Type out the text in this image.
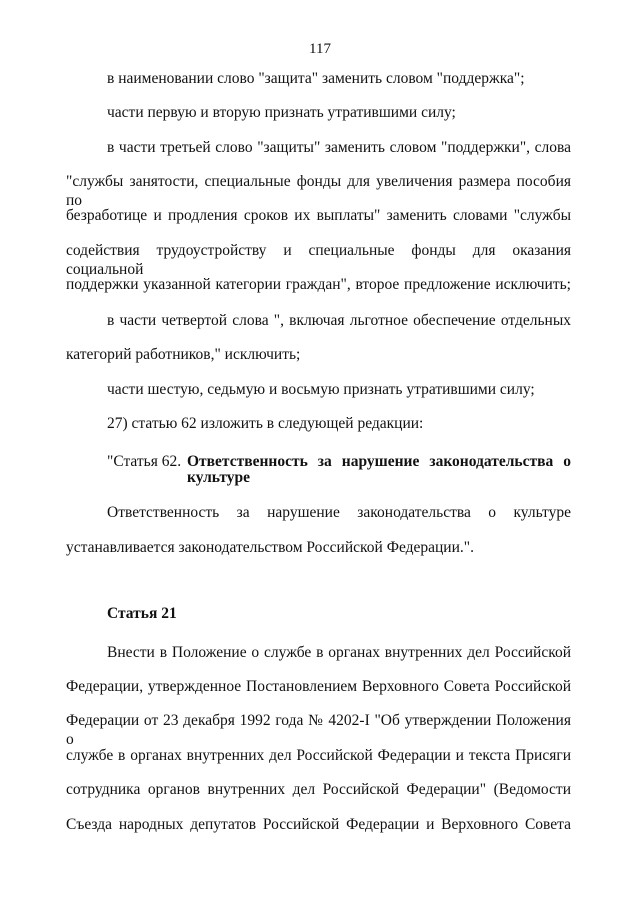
117
в наименовании слово "защита" заменить словом "поддержка";
части первую и вторую признать утратившими силу;
в части третьей слово "защиты" заменить словом "поддержки", слова
"службы занятости, специальные фонды для увеличения размера пособия по
безработице и продления сроков их выплаты" заменить словами "службы
содействия трудоустройству и специальные фонды для оказания социальной
поддержки указанной категории граждан", второе предложение исключить;
в части четвертой слова ", включая льготное обеспечение отдельных
категорий работников," исключить;
части шестую, седьмую и восьмую признать утратившими силу;
27) статью 62 изложить в следующей редакции:
"Статья 62. Ответственность за нарушение законодательства о
культуре
Ответственность за нарушение законодательства о культуре
устанавливается законодательством Российской Федерации.".
Статья 21
Внести в Положение о службе в органах внутренних дел Российской
Федерации, утвержденное Постановлением Верховного Совета Российской
Федерации от 23 декабря 1992 года № 4202-I "Об утверждении Положения о
службе в органах внутренних дел Российской Федерации и текста Присяги
сотрудника органов внутренних дел Российской Федерации" (Ведомости
Съезда народных депутатов Российской Федерации и Верховного Совета
